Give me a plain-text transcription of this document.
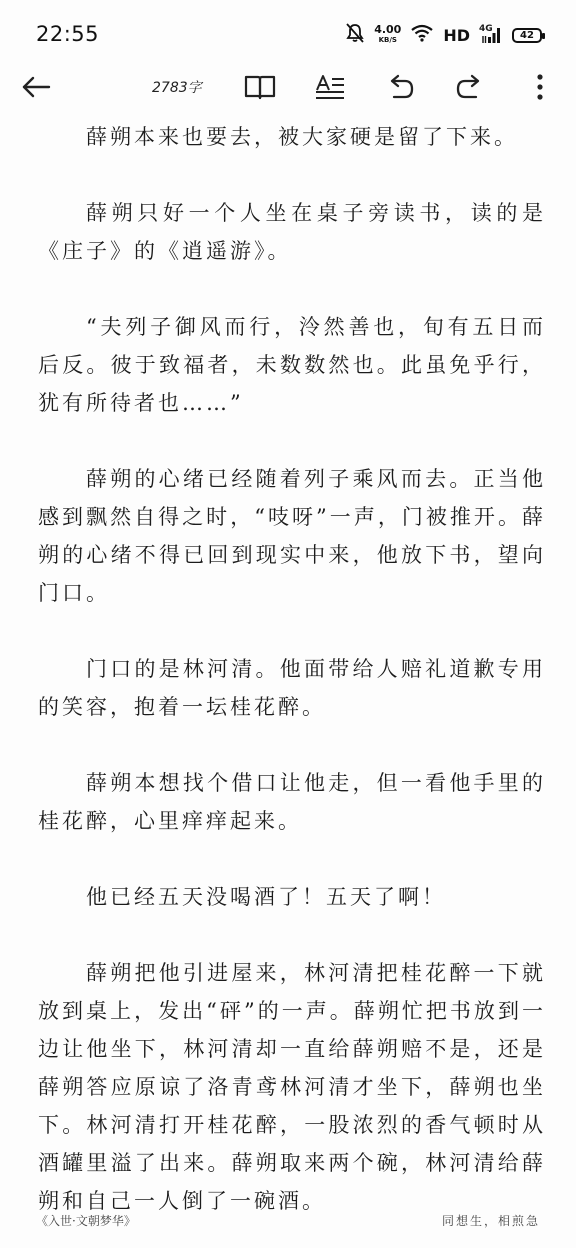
22:55	4.00
KB/S	HD 4G
42
2783字

薛朔本来也要去，被大家硬是留了下来。

薛朔只好一个人坐在桌子旁读书，读的是《庄子》的《逍遥游》。

“夫列子御风而行，泠然善也，旬有五日而后反。彼于致福者，未数数然也。此虽免乎行，犹有所待者也……”

薛朔的心绪已经随着列子乘风而去。正当他感到飘然自得之时，“吱呀”一声，门被推开。薛朔的心绪不得已回到现实中来，他放下书，望向门口。

门口的是林河清。他面带给人赔礼道歉专用的笑容，抱着一坛桂花醉。

薛朔本想找个借口让他走，但一看他手里的桂花醉，心里痒痒起来。

他已经五天没喝酒了！五天了啊！

薛朔把他引进屋来，林河清把桂花醉一下就放到桌上，发出“砰”的一声。薛朔忙把书放到一边让他坐下，林河清却一直给薛朔赔不是，还是薛朔答应原谅了洛青鸢林河清才坐下，薛朔也坐下。林河清打开桂花醉，一股浓烈的香气顿时从酒罐里溢了出来。薛朔取来两个碗，林河清给薛朔和自己一人倒了一碗酒。

《入世·文朝梦华》	同想生，相煎急
